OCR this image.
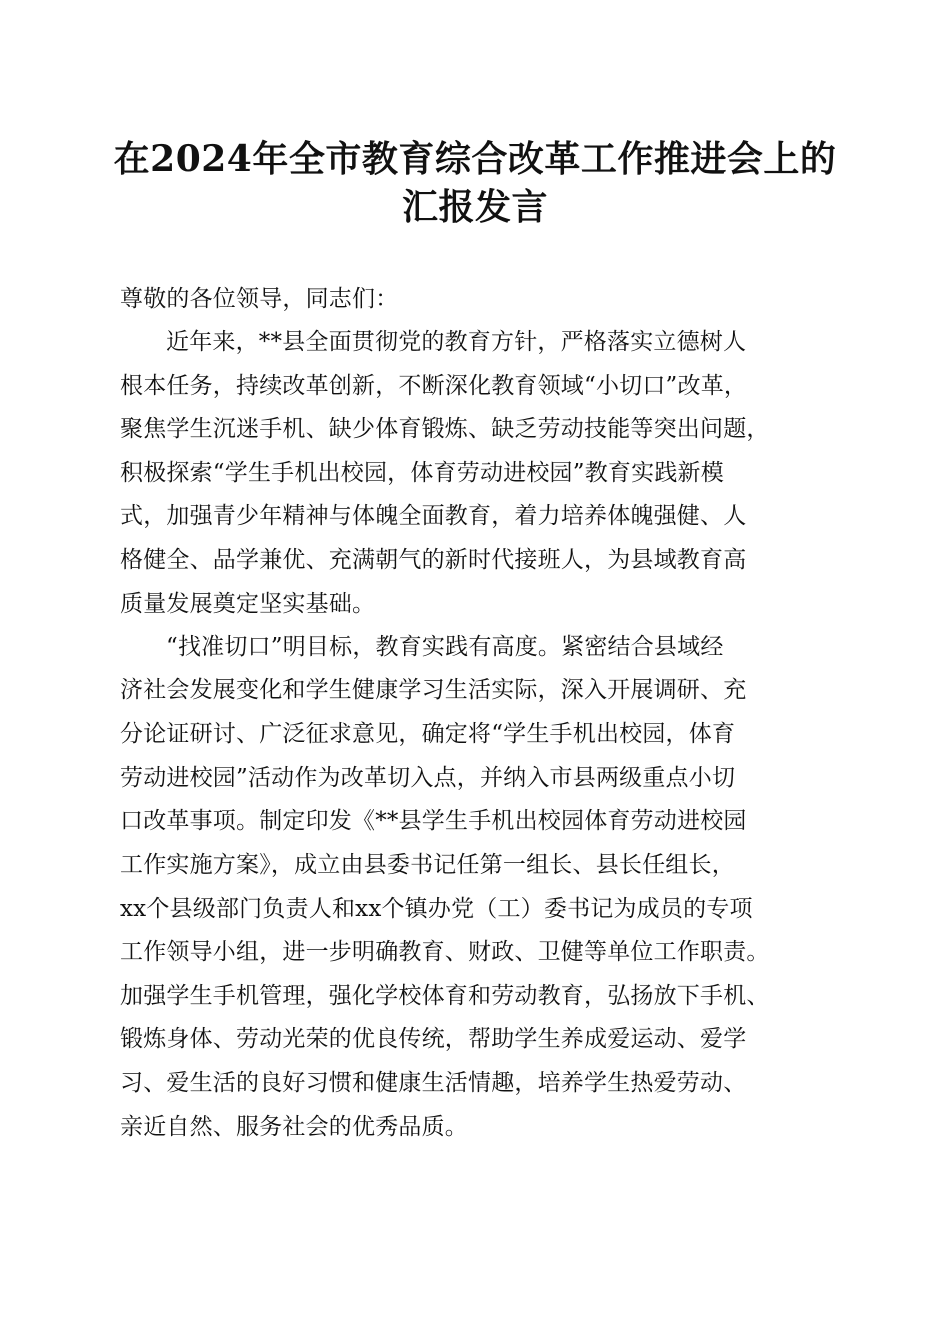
在2024年全市教育综合改革工作推进会上的
汇报发言
尊敬的各位领导，同志们：
近年来，**县全面贯彻党的教育方针，严格落实立德树人
根本任务，持续改革创新，不断深化教育领域“小切口”改革，
聚焦学生沉迷手机、缺少体育锻炼、缺乏劳动技能等突出问题，
积极探索“学生手机出校园，体育劳动进校园”教育实践新模
式，加强青少年精神与体魄全面教育，着力培养体魄强健、人
格健全、品学兼优、充满朝气的新时代接班人，为县域教育高
质量发展奠定坚实基础。
“找准切口”明目标，教育实践有高度。紧密结合县域经
济社会发展变化和学生健康学习生活实际，深入开展调研、充
分论证研讨、广泛征求意见，确定将“学生手机出校园，体育
劳动进校园”活动作为改革切入点，并纳入市县两级重点小切
口改革事项。制定印发《**县学生手机出校园体育劳动进校园
工作实施方案》，成立由县委书记任第一组长、县长任组长，
xx个县级部门负责人和xx个镇办党（工）委书记为成员的专项
工作领导小组，进一步明确教育、财政、卫健等单位工作职责。
加强学生手机管理，强化学校体育和劳动教育，弘扬放下手机、
锻炼身体、劳动光荣的优良传统，帮助学生养成爱运动、爱学
习、爱生活的良好习惯和健康生活情趣，培养学生热爱劳动、
亲近自然、服务社会的优秀品质。
